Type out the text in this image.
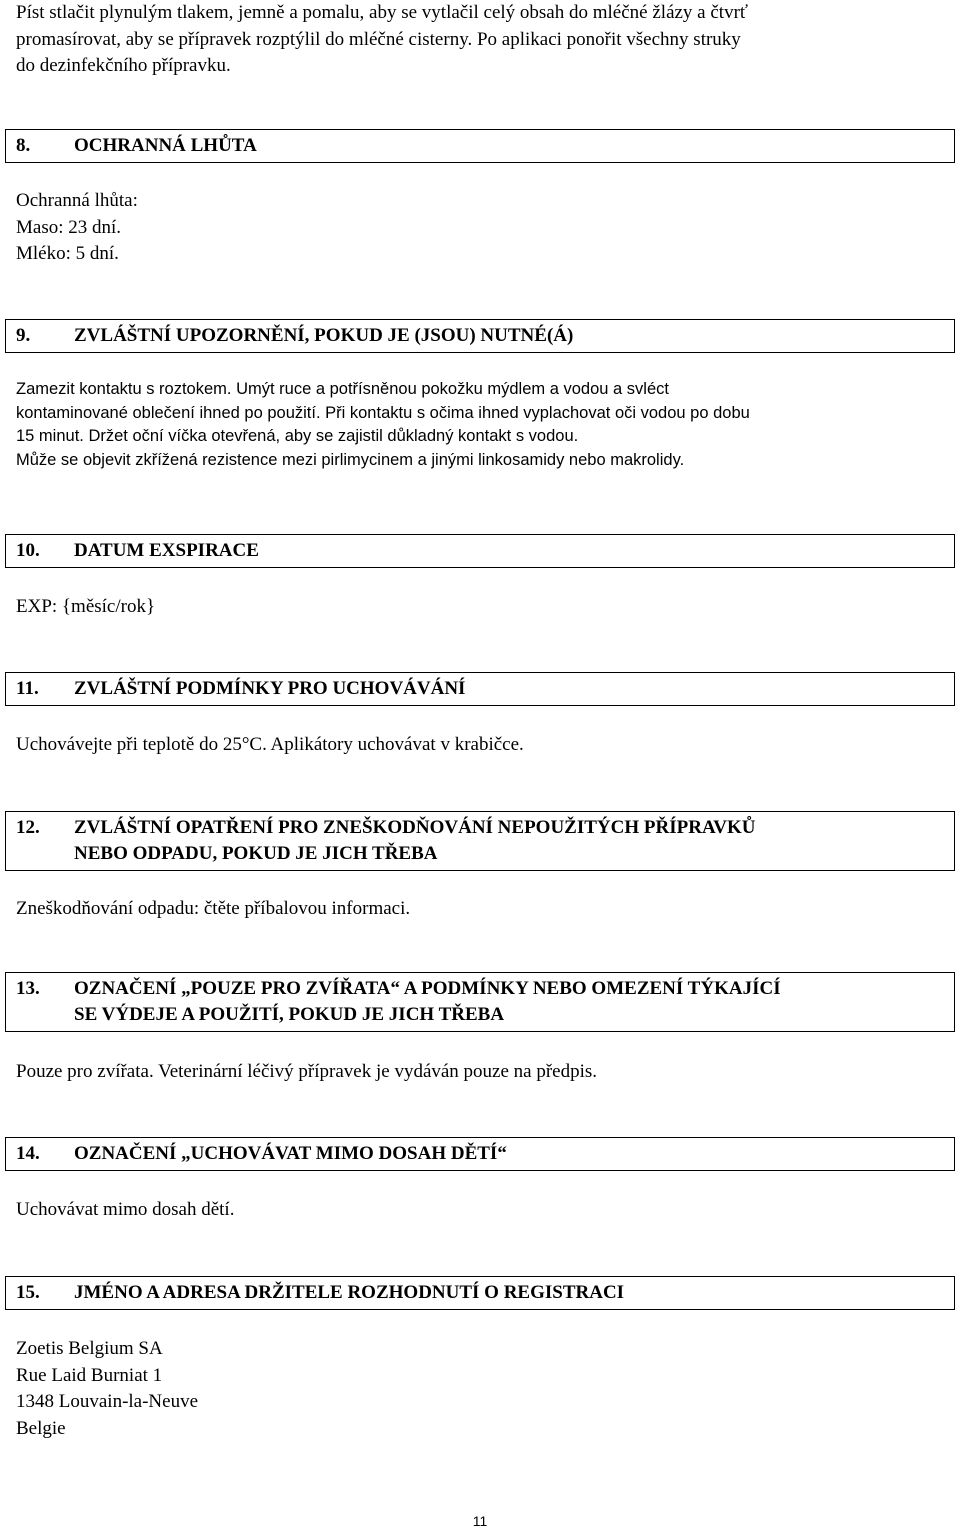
Píst stlačit plynulým tlakem, jemně a pomalu, aby se vytlačil celý obsah do mléčné žlázy a čtvrť
promasírovat, aby se přípravek rozptýlil do mléčné cisterny. Po aplikaci ponořit všechny struky
do dezinfekčního přípravku.

8. OCHRANNÁ LHŮTA

Ochranná lhůta:
Maso: 23 dní.
Mléko: 5 dní.

9. ZVLÁŠTNÍ UPOZORNĚNÍ, POKUD JE (JSOU) NUTNÉ(Á)

Zamezit kontaktu s roztokem. Umýt ruce a potřísněnou pokožku mýdlem a vodou a svléct
kontaminované oblečení ihned po použití. Při kontaktu s očima ihned vyplachovat oči vodou po dobu
15 minut. Držet oční víčka otevřená, aby se zajistil důkladný kontakt s vodou.
Může se objevit zkřížená rezistence mezi pirlimycinem a jinými linkosamidy nebo makrolidy.

10. DATUM EXSPIRACE

EXP: {měsíc/rok}

11. ZVLÁŠTNÍ PODMÍNKY PRO UCHOVÁVÁNÍ

Uchovávejte při teplotě do 25°C. Aplikátory uchovávat v krabičce.

12. ZVLÁŠTNÍ OPATŘENÍ PRO ZNEŠKODŇOVÁNÍ NEPOUŽITÝCH PŘÍPRAVKŮ
NEBO ODPADU, POKUD JE JICH TŘEBA

Zneškodňování odpadu: čtěte příbalovou informaci.

13. OZNAČENÍ „POUZE PRO ZVÍŘATA“ A PODMÍNKY NEBO OMEZENÍ TÝKAJÍCÍ
SE VÝDEJE A POUŽITÍ, POKUD JE JICH TŘEBA

Pouze pro zvířata. Veterinární léčivý přípravek je vydáván pouze na předpis.

14. OZNAČENÍ „UCHOVÁVAT MIMO DOSAH DĚTÍ“

Uchovávat mimo dosah dětí.

15. JMÉNO A ADRESA DRŽITELE ROZHODNUTÍ O REGISTRACI

Zoetis Belgium SA
Rue Laid Burniat 1
1348 Louvain-la-Neuve
Belgie

11
